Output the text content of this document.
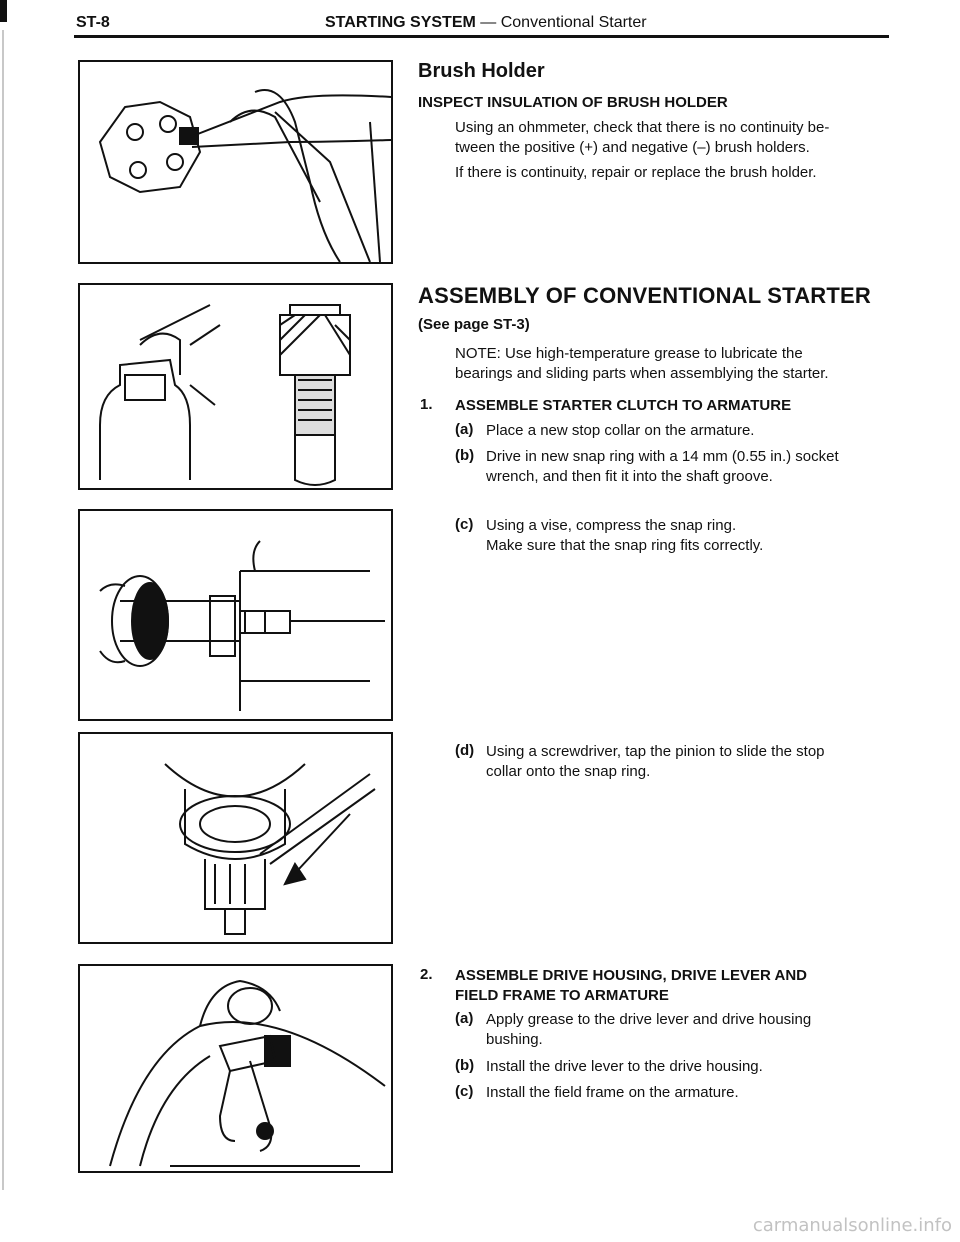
ST-8	STARTING SYSTEM — Conventional Starter
Brush Holder
INSPECT INSULATION OF BRUSH HOLDER
Using an ohmmeter, check that there is no continuity be-
tween the positive (+) and negative (–) brush holders.
If there is continuity, repair or replace the brush holder.
ASSEMBLY OF CONVENTIONAL STARTER
(See page ST-3)
NOTE: Use high-temperature grease to lubricate the
bearings and sliding parts when assemblying the starter.
1. ASSEMBLE STARTER CLUTCH TO ARMATURE
(a) Place a new stop collar on the armature.
(b) Drive in new snap ring with a 14 mm (0.55 in.) socket
wrench, and then fit it into the shaft groove.
(c) Using a vise, compress the snap ring.
Make sure that the snap ring fits correctly.
(d) Using a screwdriver, tap the pinion to slide the stop
collar onto the snap ring.
2. ASSEMBLE DRIVE HOUSING, DRIVE LEVER AND
FIELD FRAME TO ARMATURE
(a) Apply grease to the drive lever and drive housing
bushing.
(b) Install the drive lever to the drive housing.
(c) Install the field frame on the armature.
carmanualsonline.info
